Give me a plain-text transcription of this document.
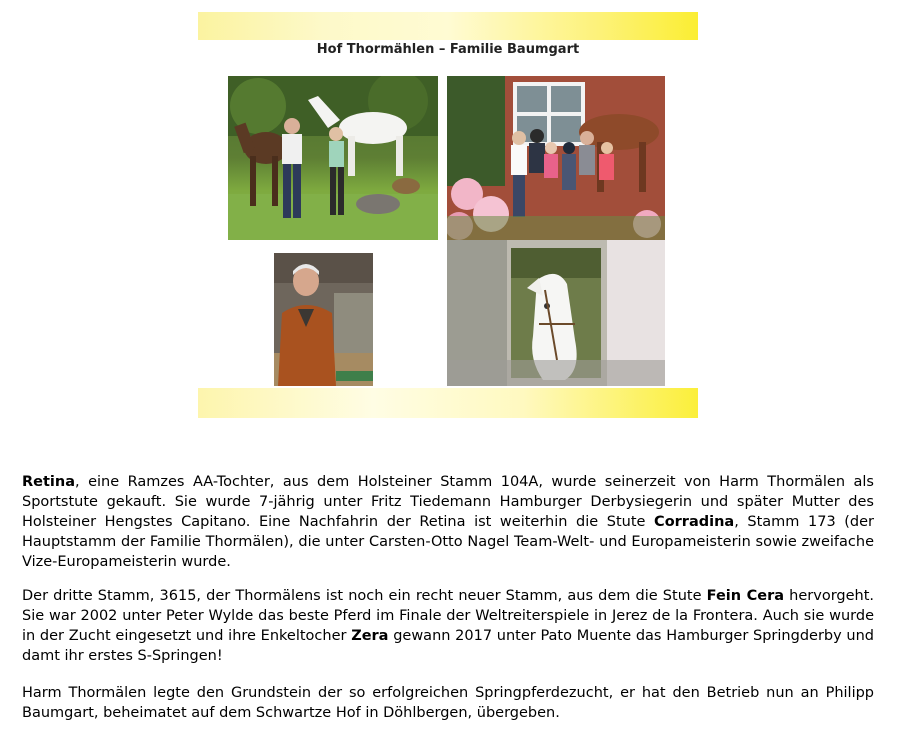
Hof Thormählen – Familie Baumgart
Retina, eine Ramzes AA-Tochter, aus dem Holsteiner Stamm 104A, wurde seinerzeit von Harm Thormälen als Sportstute gekauft. Sie wurde 7-jährig unter Fritz Tiedemann Hamburger Derbysiegerin und später Mutter des Holsteiner Hengstes Capitano. Eine Nachfahrin der Retina ist weiterhin die Stute Corradina, Stamm 173 (der Hauptstamm der Familie Thormälen), die unter Carsten-Otto Nagel Team-Welt- und Europameisterin sowie zweifache Vize-Europameisterin wurde.
Der dritte Stamm, 3615, der Thormälens ist noch ein recht neuer Stamm, aus dem die Stute Fein Cera hervorgeht. Sie war 2002 unter Peter Wylde das beste Pferd im Finale der Weltreiterspiele in Jerez de la Frontera. Auch sie wurde in der Zucht eingesetzt und ihre Enkeltocher Zera gewann 2017 unter Pato Muente das Hamburger Springderby und damt ihr erstes S-Springen!
Harm Thormälen legte den Grundstein der so erfolgreichen Springpferdezucht, er hat den Betrieb nun an Philipp Baumgart, beheimatet auf dem Schwartze Hof in Döhlbergen, übergeben.
